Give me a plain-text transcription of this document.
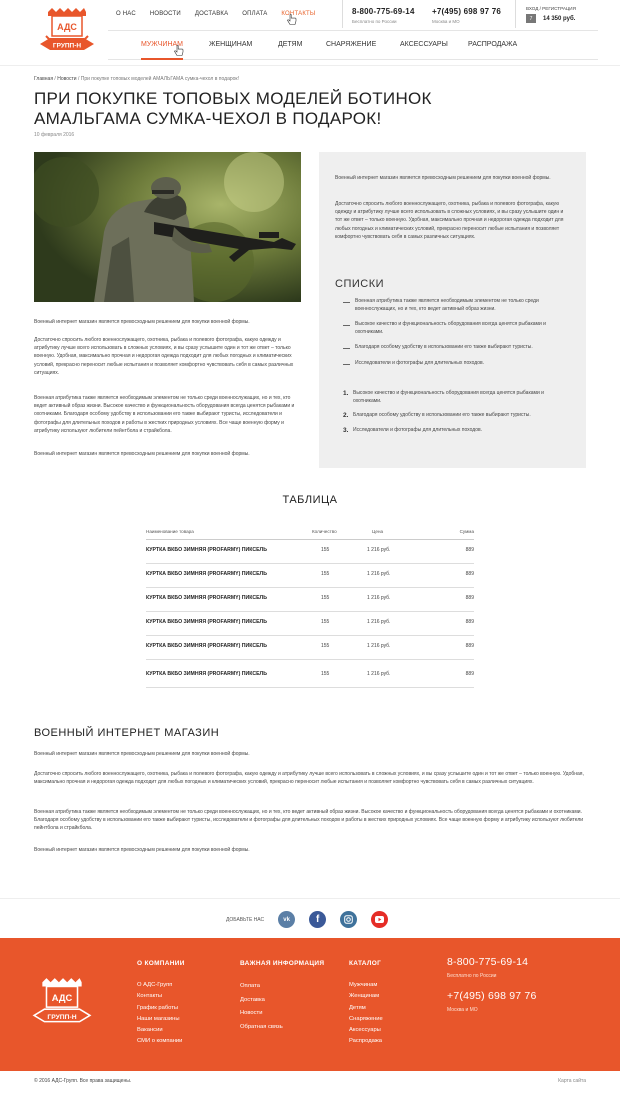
АДС
ГРУПП-Н
О НАС НОВОСТИ ДОСТАВКА ОПЛАТА КОНТАКТЫ	8-800-775-69-14
Бесплатно по России
+7(495) 698 97 76
Москва и МО
ВХОД / РЕГИСТРАЦИЯ
7 14 350 руб.
МУЖЧИНАМ	ЖЕНЩИНАМ	ДЕТЯМ	СНАРЯЖЕНИЕ	АКСЕССУАРЫ	РАСПРОДАЖА
Главная / Новости / При покупке топовых моделей АМАЛЬГАМА сумка-чехол в подарок!
ПРИ ПОКУПКЕ ТОПОВЫХ МОДЕЛЕЙ БОТИНОК АМАЛЬГАМА СУМКА-ЧЕХОЛ В ПОДАРОК!
10 февраля 2016
Военный интернет магазин является превосходным решением для покупки военной формы.
Достаточно спросить любого военнослужащего, охотника, рыбака и полевого фотографа, какую одежду и атрибутику лучше всего использовать в сложных условиях, и вы сразу услышите один и тот же ответ – только военную. Удобная, максимально прочная и недорогая одежда подходит для любых погодных и климатических условий, прекрасно переносит любые испытания и позволяет комфортно чувствовать себя в самых различных ситуациях.
Военная атрибутика также является необходимым элементом не только среди военнослужащих, но и тех, кто ведет активный образ жизни. Высокое качество и функциональность оборудования всегда ценятся рыбаками и охотниками. Благодаря особому удобству в использовании его также выбирают туристы, исследователи и фотографы для длительных походов и работы в жестких природных условиях. Все чаще военную форму и атрибутику используют любители пейнтбола и страйкбола.
Военный интернет магазин является превосходным решением для покупки военной формы.
Военный интернет магазин является превосходным решением для покупки военной формы.
Достаточно спросить любого военнослужащего, охотника, рыбака и полевого фотографа, какую одежду и атрибутику лучше всего использовать в сложных условиях, и вы сразу услышите один и тот же ответ – только военную. Удобная, максимально прочная и недорогая одежда подходит для любых погодных и климатических условий, прекрасно переносит любые испытания и позволяет комфортно чувствовать себя в самых различных ситуациях.
СПИСКИ
Военная атрибутика также является необходимым элементом не только среди военнослужащих, но и тех, кто ведет активный образ жизни.
Высокое качество и функциональность оборудования всегда ценятся рыбаками и охотниками.
Благодаря особому удобству в использовании его также выбирают туристы.
Исследователи и фотографы для длительных походов.
1. Высокое качество и функциональность оборудования всегда ценятся рыбаками и охотниками.
2. Благодаря особому удобству в использовании его также выбирают туристы.
3. Исследователи и фотографы для длительных походов.
ТАБЛИЦА
Наименование товара	Количество	Цена	Сумма
КУРТКА ВКБО ЗИМНЯЯ (PROFARMY) ПИКСЕЛЬ	155	1 216 руб.	889
КУРТКА ВКБО ЗИМНЯЯ (PROFARMY) ПИКСЕЛЬ	155	1 216 руб.	889
КУРТКА ВКБО ЗИМНЯЯ (PROFARMY) ПИКСЕЛЬ	155	1 216 руб.	889
КУРТКА ВКБО ЗИМНЯЯ (PROFARMY) ПИКСЕЛЬ	155	1 216 руб.	889
КУРТКА ВКБО ЗИМНЯЯ (PROFARMY) ПИКСЕЛЬ	155	1 216 руб.	889
КУРТКА ВКБО ЗИМНЯЯ (PROFARMY) ПИКСЕЛЬ	155	1 216 руб.	889
ВОЕННЫЙ ИНТЕРНЕТ МАГАЗИН
Военный интернет магазин является превосходным решением для покупки военной формы.
Достаточно спросить любого военнослужащего, охотника, рыбака и полевого фотографа, какую одежду и атрибутику лучше всего использовать в сложных условиях, и вы сразу услышите один и тот же ответ – только военную. Удобная, максимально прочная и недорогая одежда подходит для любых погодных и климатических условий, прекрасно переносит любые испытания и позволяет комфортно чувствовать себя в самых различных ситуациях.
Военная атрибутика также является необходимым элементом не только среди военнослужащих, но и тех, кто ведет активный образ жизни. Высокое качество и функциональность оборудования всегда ценятся рыбаками и охотниками. Благодаря особому удобству в использовании его также выбирают туристы, исследователи и фотографы для длительных походов и работы в жестких природных условиях. Все чаще военную форму и атрибутику используют любители пейнтбола и страйкбола.
Военный интернет магазин является превосходным решением для покупки военной формы.
ДОБАВЬТЕ НАС	vk	f
АДС
ГРУПП-Н
О КОМПАНИИ
О АДС-Групп
Контакты
График работы
Наши магазины
Вакансии
СМИ о компании
ВАЖНАЯ ИНФОРМАЦИЯ
Оплата
Доставка
Новости
Обратная связь
КАТАЛОГ
Мужчинам
Женщинам
Детям
Снаряжение
Аксессуары
Распродажа
8-800-775-69-14
Бесплатно по России
+7(495) 698 97 76
Москва и МО
© 2016 АДС-Групп. Все права защищены.	Карта сайта
